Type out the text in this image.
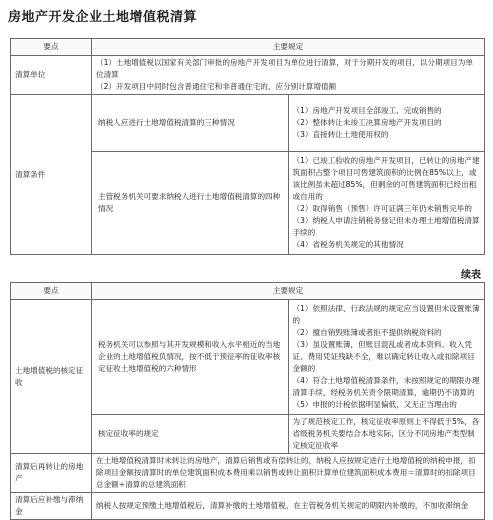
房地产开发企业土地增值税清算
要点	主要规定	
清算单位	（1）土地增值税以国家有关部门审批的房地产开发项目为单位进行清算，对于分期开发的项目，以分期项目为单位清算

（2）开发项目中同时包含普通住宅和非普通住宅的，应分别计算增值额	

清算条件	纳税人应进行土地增值税清算的三种情况	（1）房地产开发项目全部竣工、完成销售的

（2）整体转让未竣工决算房地产开发项目的

（3）直接转让土地使用权的

	主管税务机关可要求纳税人进行土地增值税清算的四种情况	（1）已竣工验收的房地产开发项目，已转让的房地产建筑面积占整个项目可售建筑面积的比例在85%以上，或该比例虽未超过85%，但剩余的可售建筑面积已经出租或自用的

（2）取得销售（预售）许可证满三年仍未销售完毕的

（3）纳税人申请注销税务登记但未办理土地增值税清算手续的

（4）省税务机关规定的其他情况

续表
要点	主要规定	
土地增值税的核定征收	税务机关可以参照与其开发规模和收入水平相近的当地企业的土地增值税负情况，按不低于预征率的征收率核定征收土地增值税的六种情形	（1）依照法律、行政法规的规定应当设置但未设置账簿的

（2）擅自销毁账簿或者拒不提供纳税资料的

（3）虽设置账簿，但账目混乱或者成本资料、收入凭证、费用凭证残缺不全，难以确定转让收入或扣除项目金额的

（4）符合土地增值税清算条件，未按照规定的期限办理清算手续，经税务机关责令限期清算，逾期仍不清算的

（5）申报的计税依据明显偏低，又无正当理由的

	核定征收率的规定	为了规范核定工作，核定征收率原则上不得低于5%，各省级税务机关要结合本地实际，区分不同房地产类型制定核定征收率
清算后再转让的房地产	在土地增值税清算时未转让的房地产，清算后销售或有偿转让的，纳税人应按规定进行土地增值税的纳税申报，扣除项目金额按清算时的单位建筑面积成本费用乘以销售或转让面积计算单位建筑面积成本费用＝清算时的扣除项目总金额÷清算的总建筑面积	
清算后应补缴与滞纳金	纳税人按规定预缴土地增值税后，清算补缴的土地增值税，在主管税务机关规定的期限内补缴的，不加收滞纳金	
